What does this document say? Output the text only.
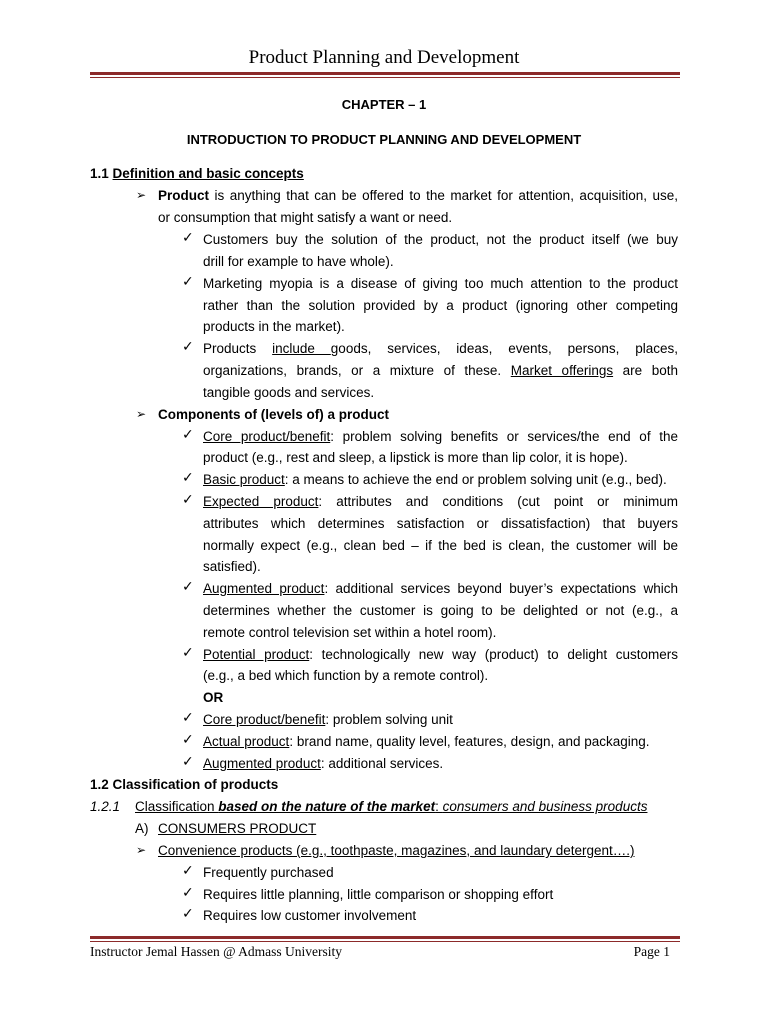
Product Planning and Development
CHAPTER – 1
INTRODUCTION TO PRODUCT PLANNING AND DEVELOPMENT
1.1 Definition and basic concepts
➢ Product is anything that can be offered to the market for attention, acquisition, use,
or consumption that might satisfy a want or need.
✓ Customers buy the solution of the product, not the product itself (we buy
drill for example to have whole).
✓ Marketing myopia is a disease of giving too much attention to the product
rather than the solution provided by a product (ignoring other competing
products in the market).
✓ Products include goods, services, ideas, events, persons, places,
organizations, brands, or a mixture of these. Market offerings are both
tangible goods and services.
➢ Components of (levels of) a product
✓ Core product/benefit: problem solving benefits or services/the end of the
product (e.g., rest and sleep, a lipstick is more than lip color, it is hope).
✓ Basic product: a means to achieve the end or problem solving unit (e.g., bed).
✓ Expected product: attributes and conditions (cut point or minimum
attributes which determines satisfaction or dissatisfaction) that buyers
normally expect (e.g., clean bed – if the bed is clean, the customer will be
satisfied).
✓ Augmented product: additional services beyond buyer’s expectations which
determines whether the customer is going to be delighted or not (e.g., a
remote control television set within a hotel room).
✓ Potential product: technologically new way (product) to delight customers
(e.g., a bed which function by a remote control).
OR
✓ Core product/benefit: problem solving unit
✓ Actual product: brand name, quality level, features, design, and packaging.
✓ Augmented product: additional services.
1.2 Classification of products
1.2.1 Classification based on the nature of the market: consumers and business products
A) CONSUMERS PRODUCT
➢ Convenience products (e.g., toothpaste, magazines, and laundary detergent….)
✓ Frequently purchased
✓ Requires little planning, little comparison or shopping effort
✓ Requires low customer involvement
Instructor Jemal Hassen @ Admass University	Page 1
